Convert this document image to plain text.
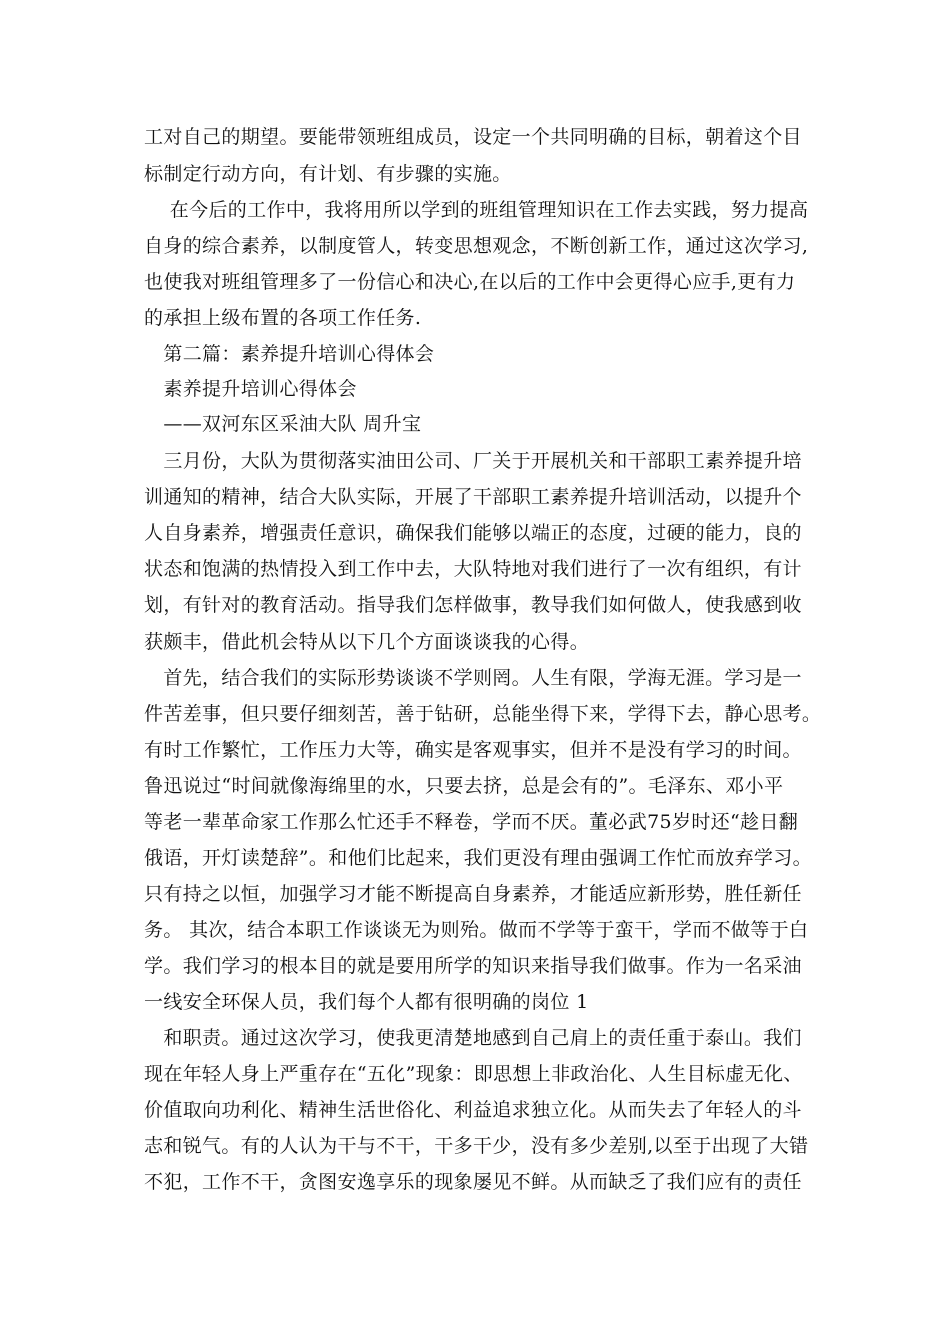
工对自己的期望。要能带领班组成员，设定一个共同明确的目标，朝着这个目
标制定行动方向，有计划、有步骤的实施。
　 在今后的工作中，我将用所以学到的班组管理知识在工作去实践，努力提高
自身的综合素养，以制度管人，转变思想观念，不断创新工作，通过这次学习,
也使我对班组管理多了一份信心和决心,在以后的工作中会更得心应手,更有力
的承担上级布置的各项工作任务.
　第二篇：素养提升培训心得体会
　素养提升培训心得体会
　——双河东区采油大队 周升宝
　三月份，大队为贯彻落实油田公司、厂关于开展机关和干部职工素养提升培
训通知的精神，结合大队实际，开展了干部职工素养提升培训活动，以提升个
人自身素养，增强责任意识，确保我们能够以端正的态度，过硬的能力，良的
状态和饱满的热情投入到工作中去，大队特地对我们进行了一次有组织，有计
划，有针对的教育活动。指导我们怎样做事，教导我们如何做人，使我感到收
获颇丰，借此机会特从以下几个方面谈谈我的心得。
　首先，结合我们的实际形势谈谈不学则罔。人生有限，学海无涯。学习是一
件苦差事，但只要仔细刻苦，善于钻研，总能坐得下来，学得下去，静心思考。
有时工作繁忙，工作压力大等，确实是客观事实，但并不是没有学习的时间。
鲁迅说过“时间就像海绵里的水，只要去挤，总是会有的”。毛泽东、邓小平
等老一辈革命家工作那么忙还手不释卷，学而不厌。董必武75岁时还“趁日翻
俄语，开灯读楚辞”。和他们比起来，我们更没有理由强调工作忙而放弃学习。
只有持之以恒，加强学习才能不断提高自身素养，才能适应新形势，胜任新任
务。 其次，结合本职工作谈谈无为则殆。做而不学等于蛮干，学而不做等于白
学。我们学习的根本目的就是要用所学的知识来指导我们做事。作为一名采油
一线安全环保人员，我们每个人都有很明确的岗位 1
　和职责。通过这次学习，使我更清楚地感到自己肩上的责任重于泰山。我们
现在年轻人身上严重存在“五化”现象：即思想上非政治化、人生目标虚无化、
价值取向功利化、精神生活世俗化、利益追求独立化。从而失去了年轻人的斗
志和锐气。有的人认为干与不干，干多干少，没有多少差别,以至于出现了大错
不犯，工作不干，贪图安逸享乐的现象屡见不鲜。从而缺乏了我们应有的责任
